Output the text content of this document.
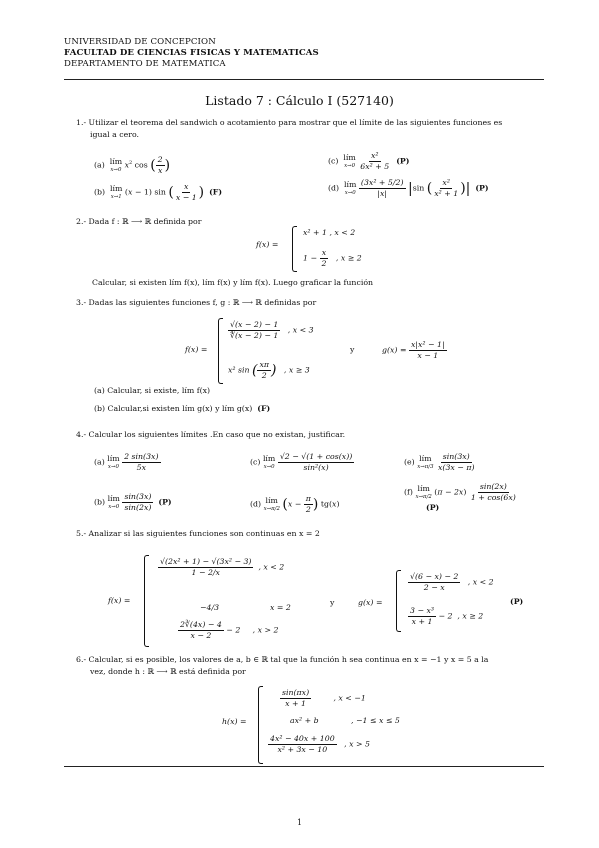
UNIVERSIDAD DE CONCEPCION
FACULTAD DE CIENCIAS FISICAS Y MATEMATICAS
DEPARTAMENTO DE MATEMATICA
Listado 7 : Cálculo I (527140)
1.- Utilizar el teorema del sandwich o acotamiento para mostrar que el límite de las siguientes funciones es
igual a cero.
(a) lím
x→0 $x^2$ cos ( $\frac{2}{x}$ )	(c) lím
x→0
$\frac{\text{x²}}{\text{6x² + 5}} (P)$
(b) lím
x→1 (x − 1) sin ( $\frac{x}{x - 1}$ ) (F)	(d) lím
x→0
$\frac{\text{(3x² + 5/2)}}{|x|} |\sin$ ( $\frac{\text{x²}}{\text{x² + 1}}$ )| (P)
2.- Dada f : ℝ ⟶ ℝ definida por
f(x) =
x² + 1 , x < 2
$1 - \frac{x}{2}$ , x ≥ 2
Calcular, si existen lím f(x), lím f(x) y lím f(x). Luego graficar la función
3.- Dadas las siguientes funciones f, g : ℝ ⟶ ℝ definidas por
f(x) =
$\frac{√(x - 2) - 1}{∜(x - 2) - 1}$ , x < 3
x² sin ( $\frac{x\pi}{2}$ ) , x ≥ 3
y	$g(x) = \frac{\text{x|x² − 1|}}{x - 1}$
(a) Calcular, si existe, lím f(x)
(b) Calcular,si existen lím g(x) y lím g(x) (F)
4.- Calcular los siguientes límites .En caso que no existan, justificar.
(a) lím
x→0
$\frac{2 \sin(3x)}{5x}$	(c) lím
x→0
$\frac{√2 - √(1 + \cos(x))}{\text{sin²(x)}}$	(e) lím
x→π/3
$\frac{\sin(3x)}{x(3x - \pi)}$
(b) lím
x→0
$\frac{\sin(3x)}{\sin(2x)} (P)$	(d) lím
x→π/2 ($x - \frac{\pi}{2}$ ) tg(x)
(f) lím
x→π/2 $(\pi - 2x) \frac{\sin(2x)}{1 + \cos(6x)}$
(P)
5.- Analizar si las siguientes funciones son continuas en x = 2
f(x) =
$\frac{\text{√(2x² + 1) − √(3x² − 3)}}{1 - 2/x}$ , x < 2
−4/3	x = 2
$\frac{2∛(4x) - 4}{x - 2} - 2$     , x > 2
y	g(x) =
$\frac{√(6 - x) - 2}{2 - x}$ , x < 2
$\frac{\text{3 − x³}}{x + 1} - 2$  , x ≥ 2
(P)
6.- Calcular, si es posible, los valores de a, b ∈ ℝ tal que la función h sea continua en x = −1 y x = 5 a la
vez, donde h : ℝ ⟶ ℝ está definida por
h(x) =
$\frac{\sin(\pi x)}{x + 1}$	, x < −1
ax² + b	, −1 ≤ x ≤ 5
$\frac{\text{4x² − 40x + 100}}{\text{x² + 3x − 10}}$ , x > 5
1
